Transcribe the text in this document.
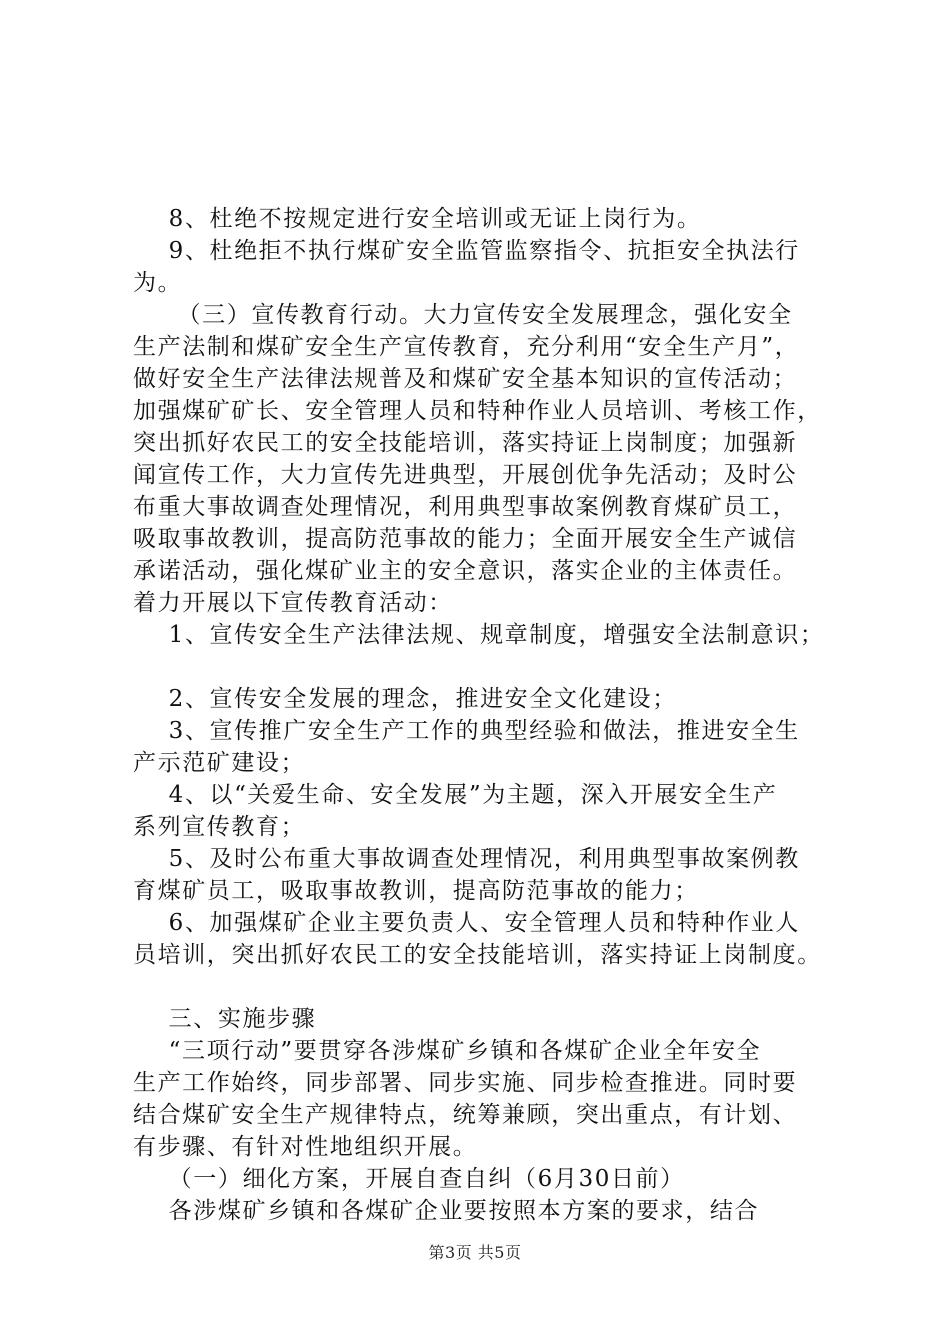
8、杜绝不按规定进行安全培训或无证上岗行为。
9、杜绝拒不执行煤矿安全监管监察指令、抗拒安全执法行
为。
（三）宣传教育行动。大力宣传安全发展理念，强化安全
生产法制和煤矿安全生产宣传教育，充分利用“安全生产月”，
做好安全生产法律法规普及和煤矿安全基本知识的宣传活动；
加强煤矿矿长、安全管理人员和特种作业人员培训、考核工作，
突出抓好农民工的安全技能培训，落实持证上岗制度；加强新
闻宣传工作，大力宣传先进典型，开展创优争先活动；及时公
布重大事故调查处理情况，利用典型事故案例教育煤矿员工，
吸取事故教训，提高防范事故的能力；全面开展安全生产诚信
承诺活动，强化煤矿业主的安全意识，落实企业的主体责任。
着力开展以下宣传教育活动：
1、宣传安全生产法律法规、规章制度，增强安全法制意识；
2、宣传安全发展的理念，推进安全文化建设；
3、宣传推广安全生产工作的典型经验和做法，推进安全生
产示范矿建设；
4、以“关爱生命、安全发展”为主题，深入开展安全生产
系列宣传教育；
5、及时公布重大事故调查处理情况，利用典型事故案例教
育煤矿员工，吸取事故教训，提高防范事故的能力；
6、加强煤矿企业主要负责人、安全管理人员和特种作业人
员培训，突出抓好农民工的安全技能培训，落实持证上岗制度。
三、实施步骤
“三项行动”要贯穿各涉煤矿乡镇和各煤矿企业全年安全
生产工作始终，同步部署、同步实施、同步检查推进。同时要
结合煤矿安全生产规律特点，统筹兼顾，突出重点，有计划、
有步骤、有针对性地组织开展。
（一）细化方案，开展自查自纠（6月30日前）
各涉煤矿乡镇和各煤矿企业要按照本方案的要求，结合
第3页 共5页
